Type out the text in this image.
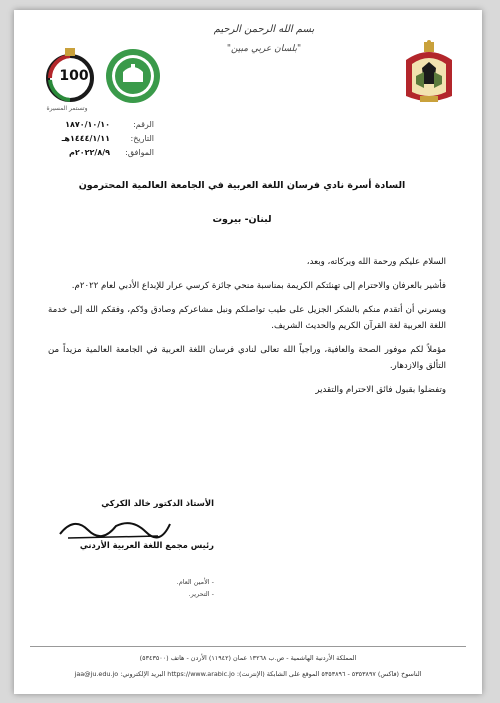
بسم الله الرحمن الرحيم
"بلسان عربي مبين"
100
وتستمر المسيرة
الرقم:
١٨٧٠/١٠/١٠
التاريخ:
١٤٤٤/١/١١هـ
الموافق:
٢٠٢٢/٨/٩م
السادة أسرة نادي فرسان اللغة العربية في الجامعة العالمية المحترمون
لبنان- بيروت

السلام عليكم ورحمة الله وبركاته، وبعد،

فأشير بالعرفان والاحترام إلى تهنئتكم الكريمة بمناسبة منحي جائزة كرسي عرار للإبداع الأدبي لعام ٢٠٢٢م.

ويسرني أن أتقدم منكم بالشكر الجزيل على طيب تواصلكم ونبل مشاعركم وصادق ودّكم، وفقكم الله إلى خدمة اللغة العربية لغة القرآن الكريم والحديث الشريف.

مؤملاً لكم موفور الصحة والعافية، وراجياً الله تعالى لنادي فرسان اللغة العربية في الجامعة العالمية مزيداً من التألق والازدهار.

وتفضلوا بقبول فائق الاحترام والتقدير

الأستاذ الدكتور خالد الكركي
رئيس مجمع اللغة العربية الأردني
- الأمين العام.
- التحرير.
المملكة الأردنية الهاشمية - ص.ب ١٣٢٦٨ عمان (١١٩٤٢) الأردن - هاتف (٥٣٤٣٥٠٠)
الناسوخ (فاكس) ٥٣٥٣٨٩٧ - ٥٣٥٣٨٩٦ الموقع على الشابكة (الإنترنت): https://www.arabic.jo البريد الإلكتروني: jaa@ju.edu.jo
